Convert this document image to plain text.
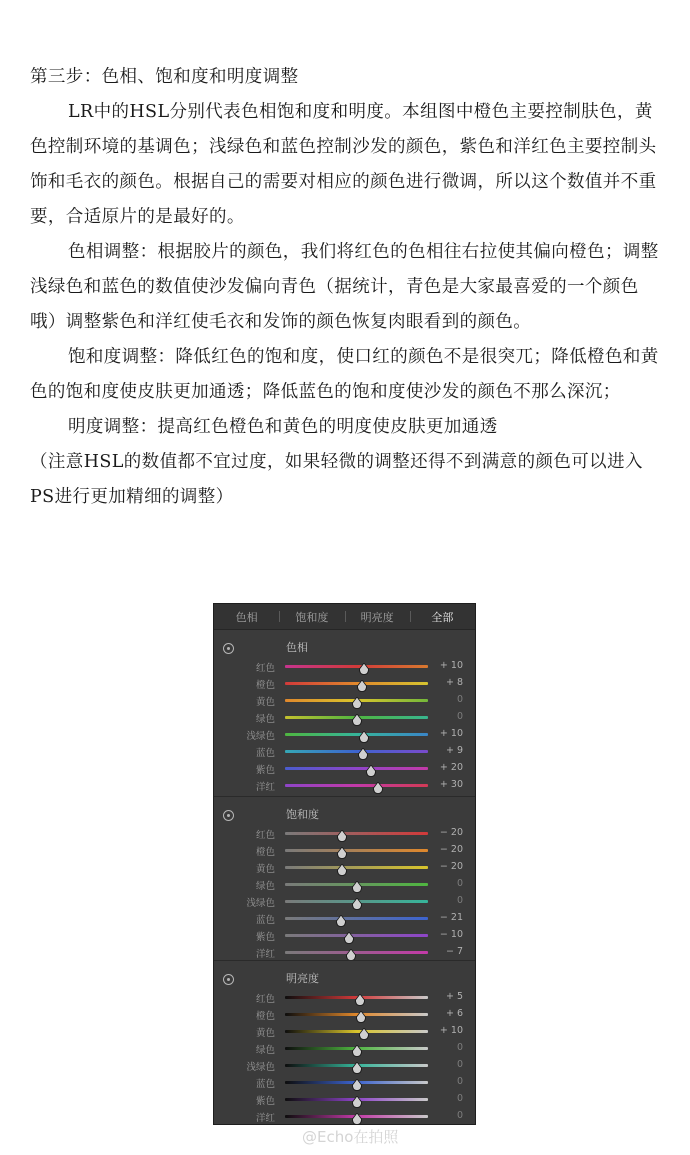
第三步：色相、饱和度和明度调整

LR中的HSL分别代表色相饱和度和明度。本组图中橙色主要控制肤色，黄色控制环境的基调色；浅绿色和蓝色控制沙发的颜色，紫色和洋红色主要控制头饰和毛衣的颜色。根据自己的需要对相应的颜色进行微调，所以这个数值并不重要，合适原片的是最好的。

色相调整：根据胶片的颜色，我们将红色的色相往右拉使其偏向橙色；调整浅绿色和蓝色的数值使沙发偏向青色（据统计，青色是大家最喜爱的一个颜色哦）调整紫色和洋红使毛衣和发饰的颜色恢复肉眼看到的颜色。

饱和度调整：降低红色的饱和度，使口红的颜色不是很突兀；降低橙色和黄色的饱和度使皮肤更加通透；降低蓝色的饱和度使沙发的颜色不那么深沉；

明度调整：提高红色橙色和黄色的明度使皮肤更加通透

（注意HSL的数值都不宜过度，如果轻微的调整还得不到满意的颜色可以进入PS进行更加精细的调整）

色相	饱和度	明亮度	全部
色相
红色	+ 10
橙色	+ 8
黄色	0
绿色	0
浅绿色	+ 10
蓝色	+ 9
紫色	+ 20
洋红	+ 30
饱和度
红色	− 20
橙色	− 20
黄色	− 20
绿色	0
浅绿色	0
蓝色	− 21
紫色	− 10
洋红	− 7
明亮度
红色	+ 5
橙色	+ 6
黄色	+ 10
绿色	0
浅绿色	0
蓝色	0
紫色	0
洋红	0
@Echo在拍照
